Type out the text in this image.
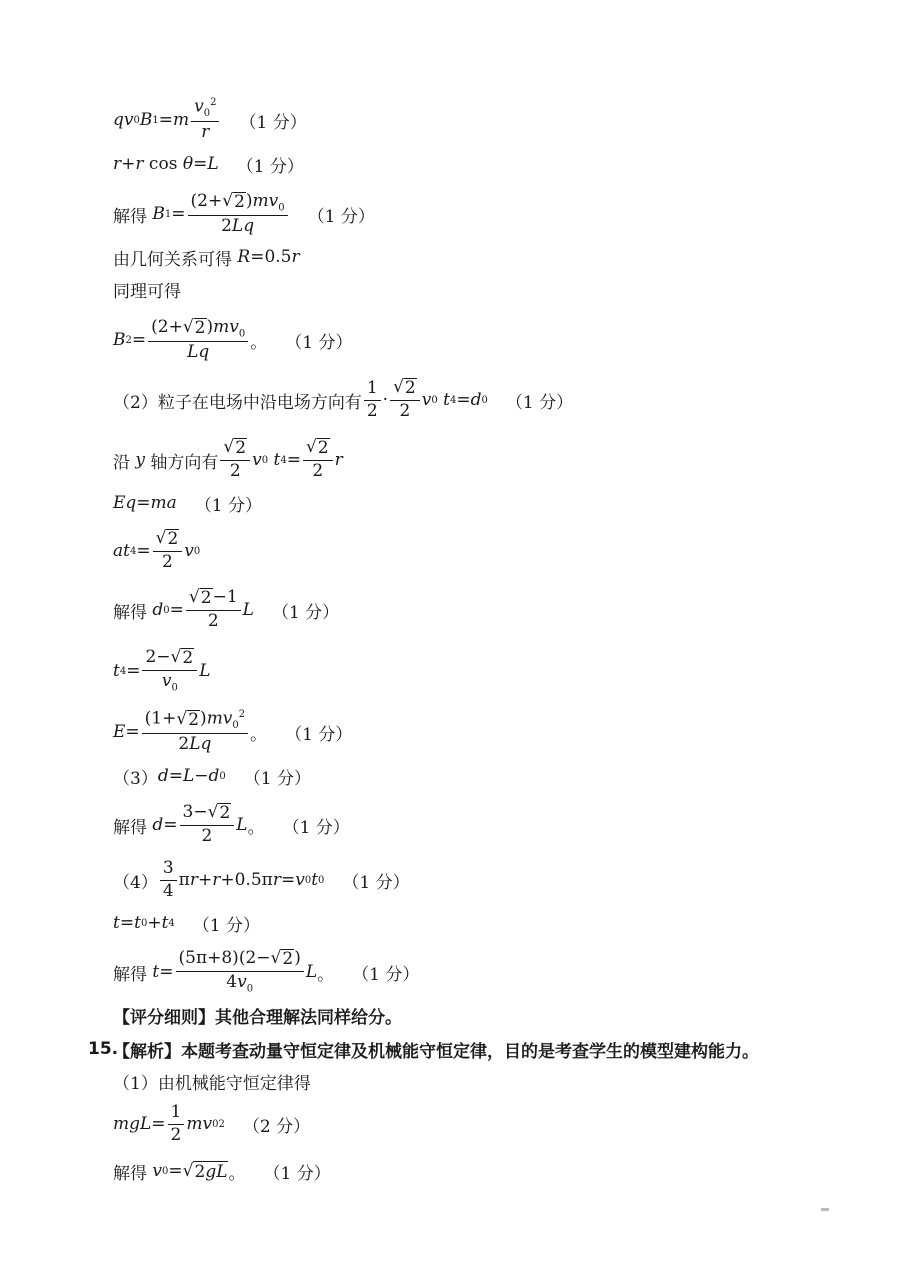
qv 0 B 1 = m $\frac{v_0^2}{r} (1$ 分）
r + r cos θ = L （1 分）
解得
B $1 = \frac{(2+√ 2 )mv_0}{2Lq} (1$ 分）
由几何关系可得
R =0.5 r
同理可得
B $2 = \frac{(2+√ 2 )mv_0}{Lq}$ 。 （1 分）
（2）粒子在电场中沿电场方向有 $\frac{1}{2} \cdot \frac{√ 2}{2}$ v 0
t 4 = d 0 （1 分）
沿
y
轴方向有 $\frac{√ 2}{2}$ v 0
t $4 = \frac{√ 2}{2}$ r
Eq = ma （1 分）
at $4 = \frac{√ 2}{2}$ v 0
解得
d $0 = \frac{√ 2 -1}{2}$ L （1 分）
t $4 = \frac{2-√ 2}{v_0}$ L
$E = \frac{(1+√ 2 )mv_0^2}{2Lq}$ 。 （1 分）
（3） d = L − d 0 （1 分）
解得
$d = \frac{3-√ 2}{2}$ L 。 （1 分）
$(4) \frac{3}{4}$ π r + r +0.5π r = v 0 t 0 （1 分）
t = t 0 + t 4 （1 分）
解得
$t = \frac{(5\pi+8)(2-√ 2 )}{4v_0}$ L 。 （1 分）
【评分细则】其他合理解法同样给分。
15.
【解析】本题考查动量守恒定律及机械能守恒定律，目的是考查学生的模型建构能力。
（1）由机械能守恒定律得
mgL = $\frac{1}{2}$ mv 0 2 （2 分）
解得
v 0 = √ 2gL 。 （1 分）
